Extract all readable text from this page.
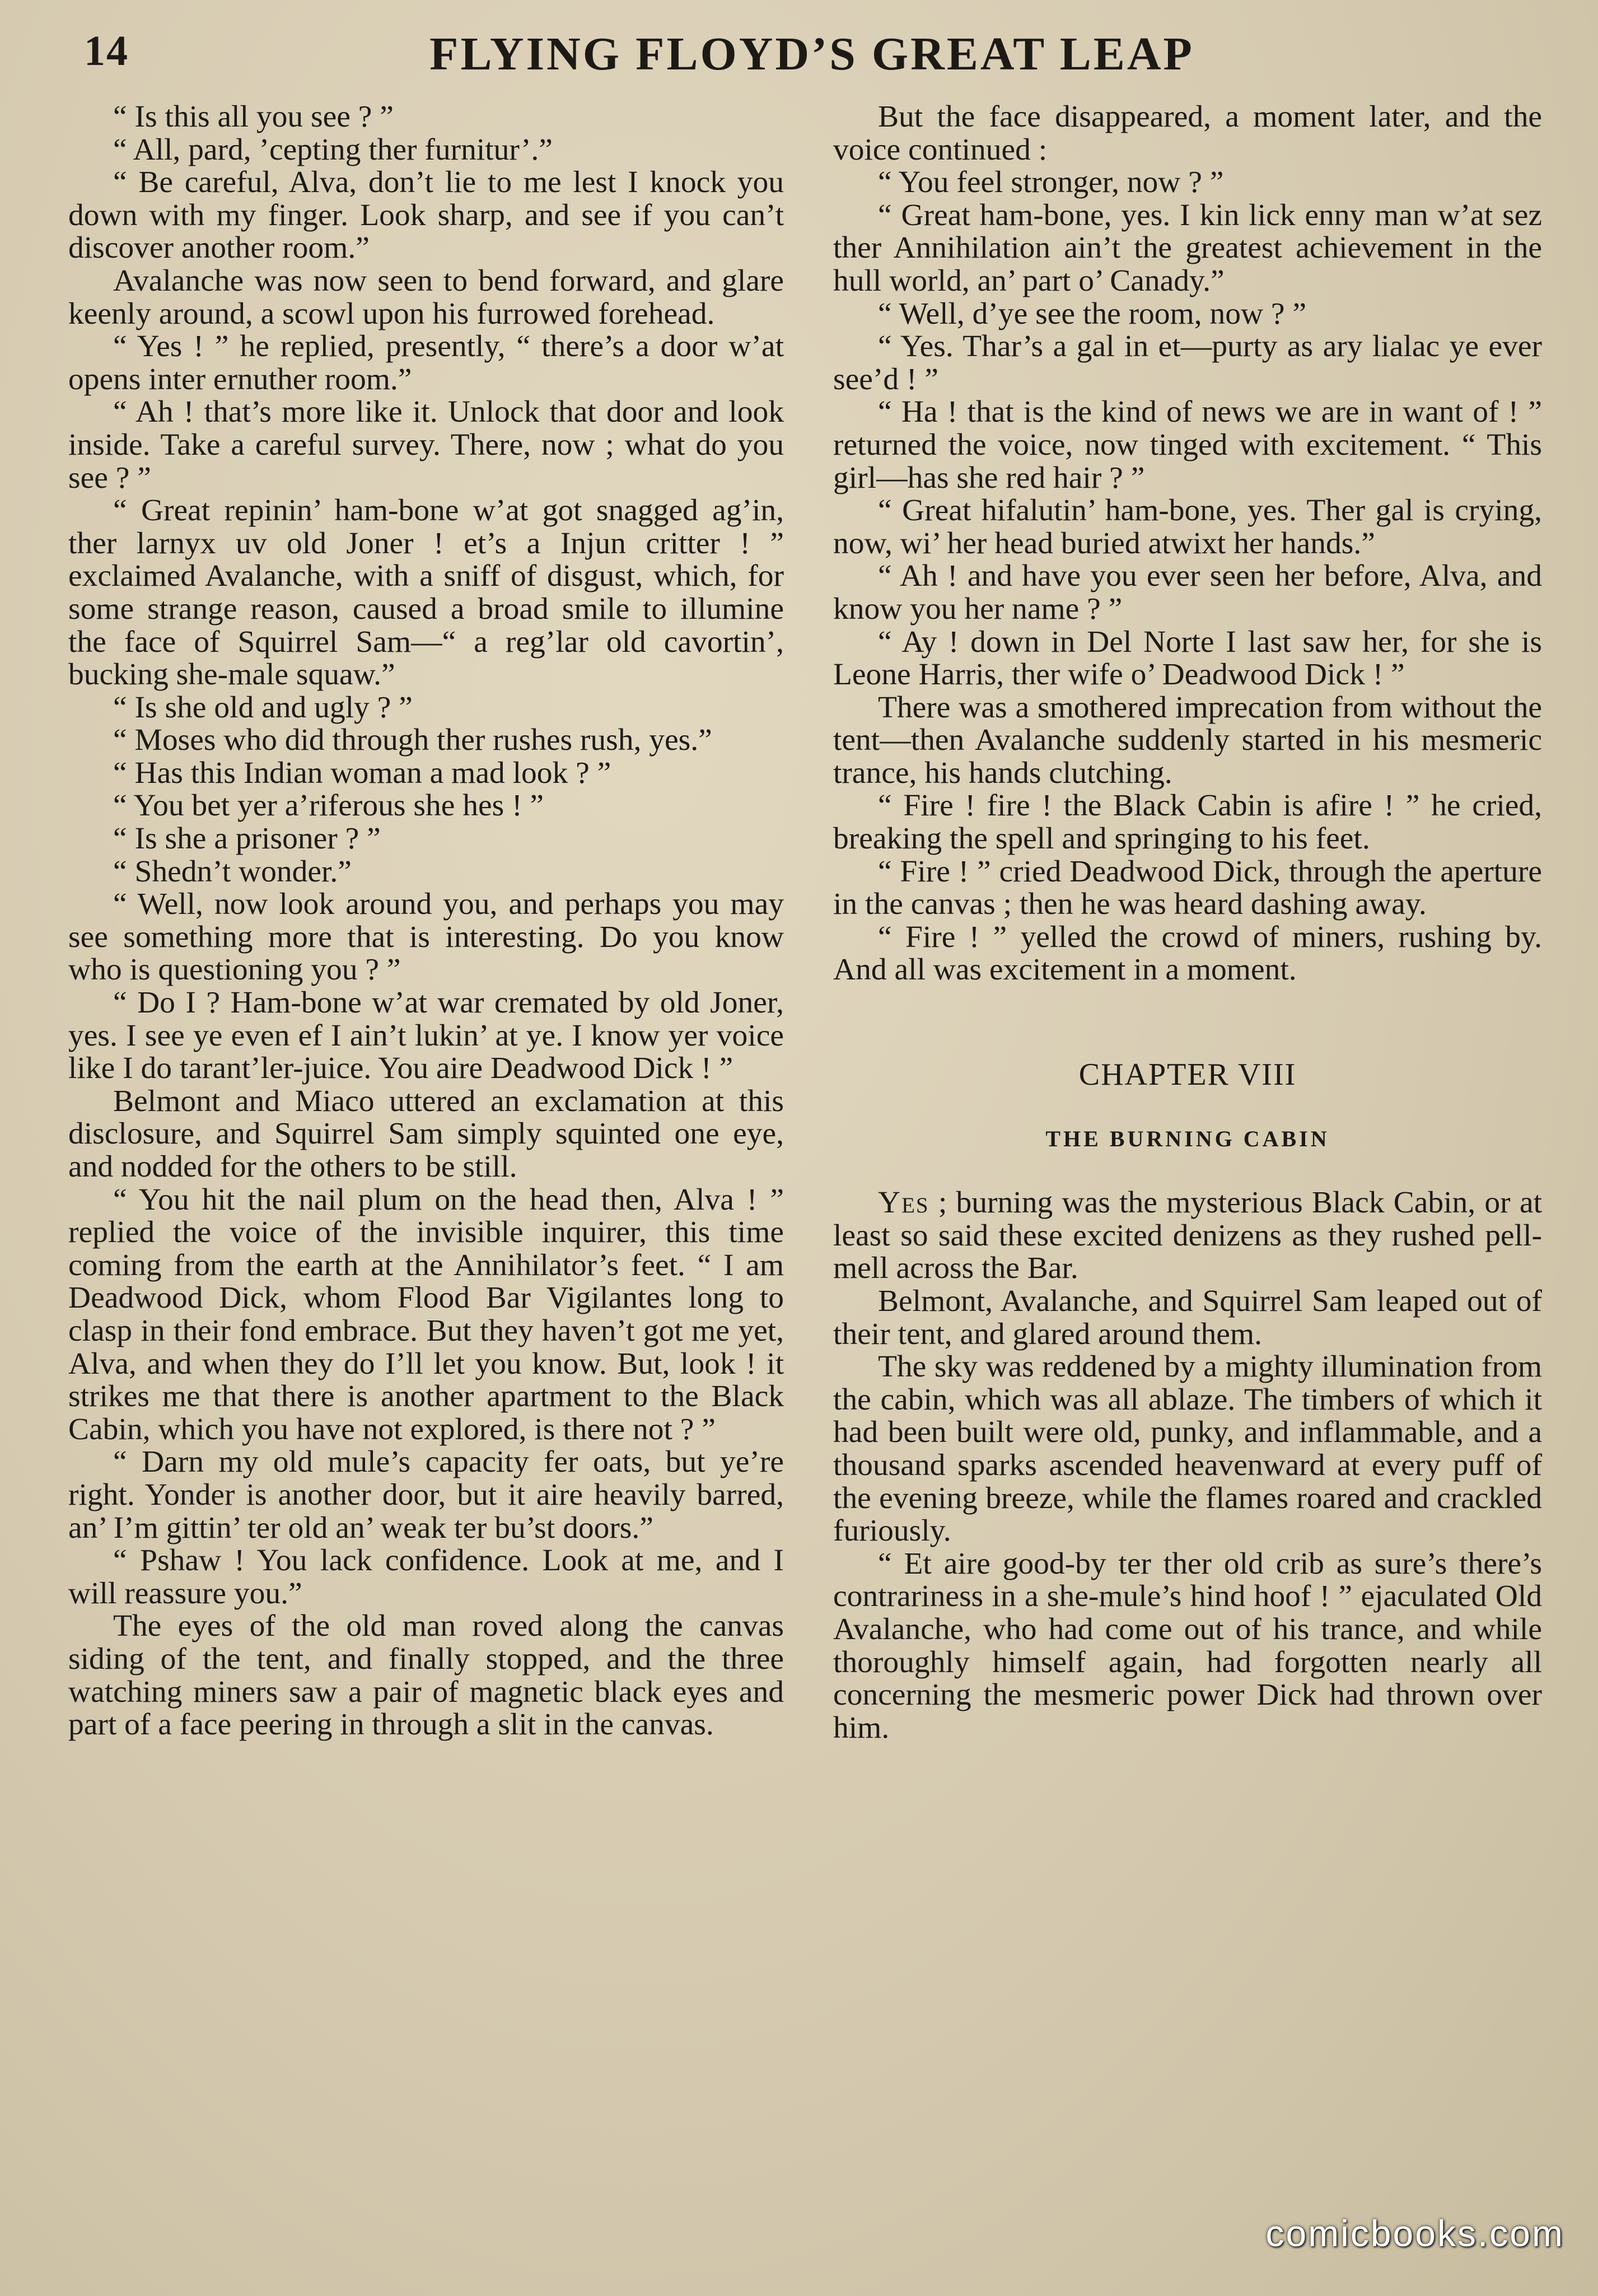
14	FLYING FLOYD’S GREAT LEAP

“ Is this all you see ? ”

“ All, pard, ’cepting ther furnitur’.”

“ Be careful, Alva, don’t lie to me lest I knock you down with my finger. Look sharp, and see if you can’t discover another room.”

Avalanche was now seen to bend forward, and glare keenly around, a scowl upon his furrowed forehead.

“ Yes ! ” he replied, presently, “ there’s a door w’at opens inter ernuther room.”

“ Ah ! that’s more like it. Unlock that door and look inside. Take a careful survey. There, now ; what do you see ? ”

“ Great repinin’ ham-bone w’at got snagged ag’in, ther larnyx uv old Joner ! et’s a Injun critter ! ” exclaimed Avalanche, with a sniff of disgust, which, for some strange reason, caused a broad smile to illumine the face of Squirrel Sam—“ a reg’lar old cavortin’, bucking she-male squaw.”

“ Is she old and ugly ? ”

“ Moses who did through ther rushes rush, yes.”

“ Has this Indian woman a mad look ? ”

“ You bet yer a’riferous she hes ! ”

“ Is she a prisoner ? ”

“ Shedn’t wonder.”

“ Well, now look around you, and perhaps you may see something more that is interesting. Do you know who is questioning you ? ”

“ Do I ? Ham-bone w’at war cremated by old Joner, yes. I see ye even ef I ain’t lukin’ at ye. I know yer voice like I do tarant’ler-juice. You aire Deadwood Dick ! ”

Belmont and Miaco uttered an exclamation at this disclosure, and Squirrel Sam simply squinted one eye, and nodded for the others to be still.

“ You hit the nail plum on the head then, Alva ! ” replied the voice of the invisible inquirer, this time coming from the earth at the Annihilator’s feet. “ I am Deadwood Dick, whom Flood Bar Vigilantes long to clasp in their fond embrace. But they haven’t got me yet, Alva, and when they do I’ll let you know. But, look ! it strikes me that there is another apartment to the Black Cabin, which you have not explored, is there not ? ”

“ Darn my old mule’s capacity fer oats, but ye’re right. Yonder is another door, but it aire heavily barred, an’ I’m gittin’ ter old an’ weak ter bu’st doors.”

“ Pshaw ! You lack confidence. Look at me, and I will reassure you.”

The eyes of the old man roved along the canvas siding of the tent, and finally stopped, and the three watching miners saw a pair of magnetic black eyes and part of a face peering in through a slit in the canvas.

But the face disappeared, a moment later, and the voice continued :

“ You feel stronger, now ? ”

“ Great ham-bone, yes. I kin lick enny man w’at sez ther Annihilation ain’t the greatest achievement in the hull world, an’ part o’ Canady.”

“ Well, d’ye see the room, now ? ”

“ Yes. Thar’s a gal in et—purty as ary lialac ye ever see’d ! ”

“ Ha ! that is the kind of news we are in want of ! ” returned the voice, now tinged with excitement. “ This girl—has she red hair ? ”

“ Great hifalutin’ ham-bone, yes. Ther gal is crying, now, wi’ her head buried atwixt her hands.”

“ Ah ! and have you ever seen her before, Alva, and know you her name ? ”

“ Ay ! down in Del Norte I last saw her, for she is Leone Harris, ther wife o’ Deadwood Dick ! ”

There was a smothered imprecation from without the tent—then Avalanche suddenly started in his mesmeric trance, his hands clutching.

“ Fire ! fire ! the Black Cabin is afire ! ” he cried, breaking the spell and springing to his feet.

“ Fire ! ” cried Deadwood Dick, through the aperture in the canvas ; then he was heard dashing away.

“ Fire ! ” yelled the crowd of miners, rushing by. And all was excitement in a moment.

CHAPTER VIII

THE BURNING CABIN

Yes ; burning was the mysterious Black Cabin, or at least so said these excited denizens as they rushed pell-mell across the Bar.

Belmont, Avalanche, and Squirrel Sam leaped out of their tent, and glared around them.

The sky was reddened by a mighty illumination from the cabin, which was all ablaze. The timbers of which it had been built were old, punky, and inflammable, and a thousand sparks ascended heavenward at every puff of the evening breeze, while the flames roared and crackled furiously.

“ Et aire good-by ter ther old crib as sure’s there’s contrariness in a she-mule’s hind hoof ! ” ejaculated Old Avalanche, who had come out of his trance, and while thoroughly himself again, had forgotten nearly all concerning the mesmeric power Dick had thrown over him.

comicbooks.com
